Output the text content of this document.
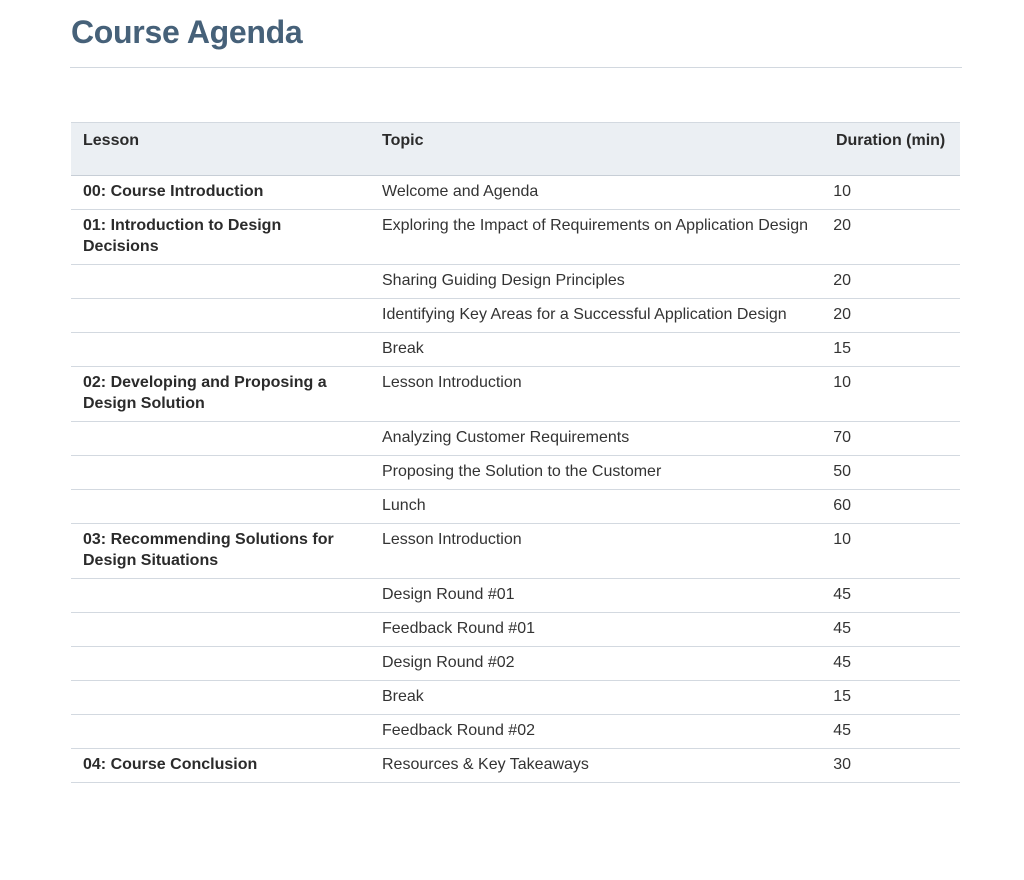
Course Agenda
Lesson	Topic	Duration (min)
00: Course Introduction	Welcome and Agenda	10
01: Introduction to Design Decisions	Exploring the Impact of Requirements on Application Design	20
	Sharing Guiding Design Principles	20
	Identifying Key Areas for a Successful Application Design	20
	Break	15
02: Developing and Proposing a Design Solution	Lesson Introduction	10
	Analyzing Customer Requirements	70
	Proposing the Solution to the Customer	50
	Lunch	60
03: Recommending Solutions for Design Situations	Lesson Introduction	10
	Design Round #01	45
	Feedback Round #01	45
	Design Round #02	45
	Break	15
	Feedback Round #02	45
04: Course Conclusion	Resources & Key Takeaways	30
